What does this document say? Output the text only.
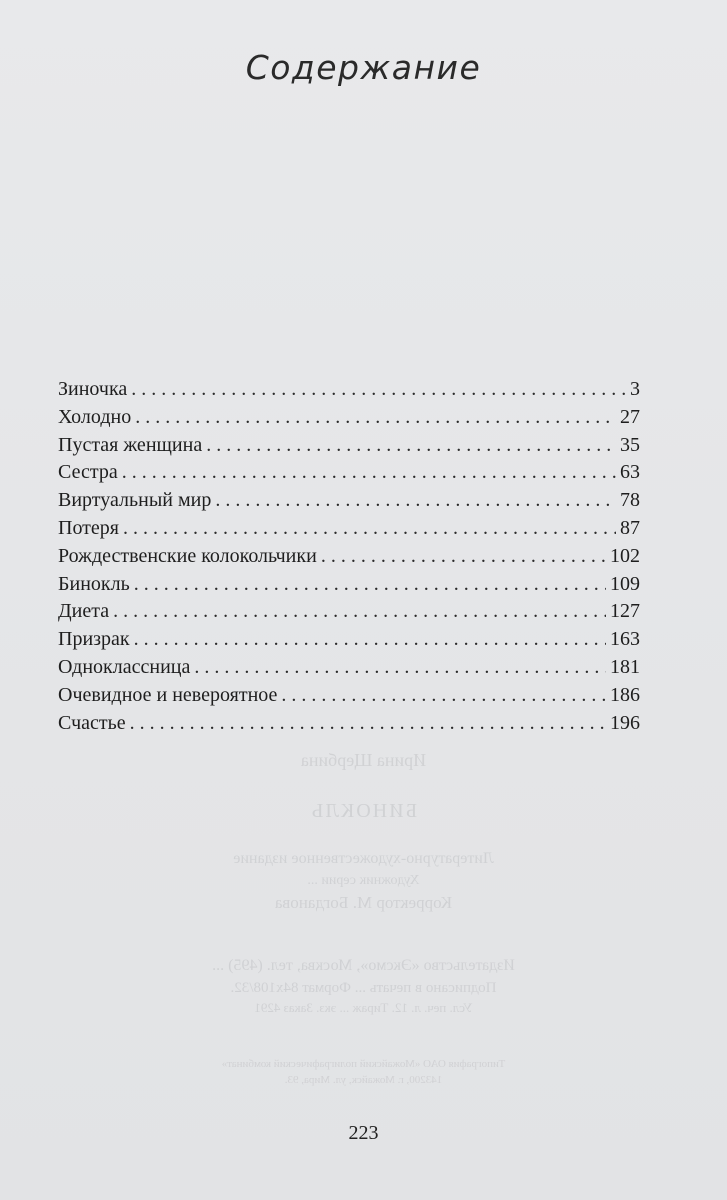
Содержание
Зиночка . . .	3
Холодно . . .	27
Пустая женщина . . .	35
Сестра . . .	63
Виртуальный мир . . .	78
Потеря . . .	87
Рождественские колокольчики . . .	102
Бинокль . . .	109
Диета . . .	127
Призрак . . .	163
Одноклассница . . .	181
Очевидное и невероятное . . .	186
Счастье . . .	196
Ирина Щербина
БИНОКЛЬ
Литературно-художественное издание
Художник серии ...
Корректор М. Богданова
Издательство «Эксмо», Москва, тел. (495) ...
Подписано в печать ... Формат 84х108/32.
Усл. печ. л. 12. Тираж ... экз. Заказ 4291
Типография ОАО «Можайский полиграфический комбинат»
143200, г. Можайск, ул. Мира, 93.
223
